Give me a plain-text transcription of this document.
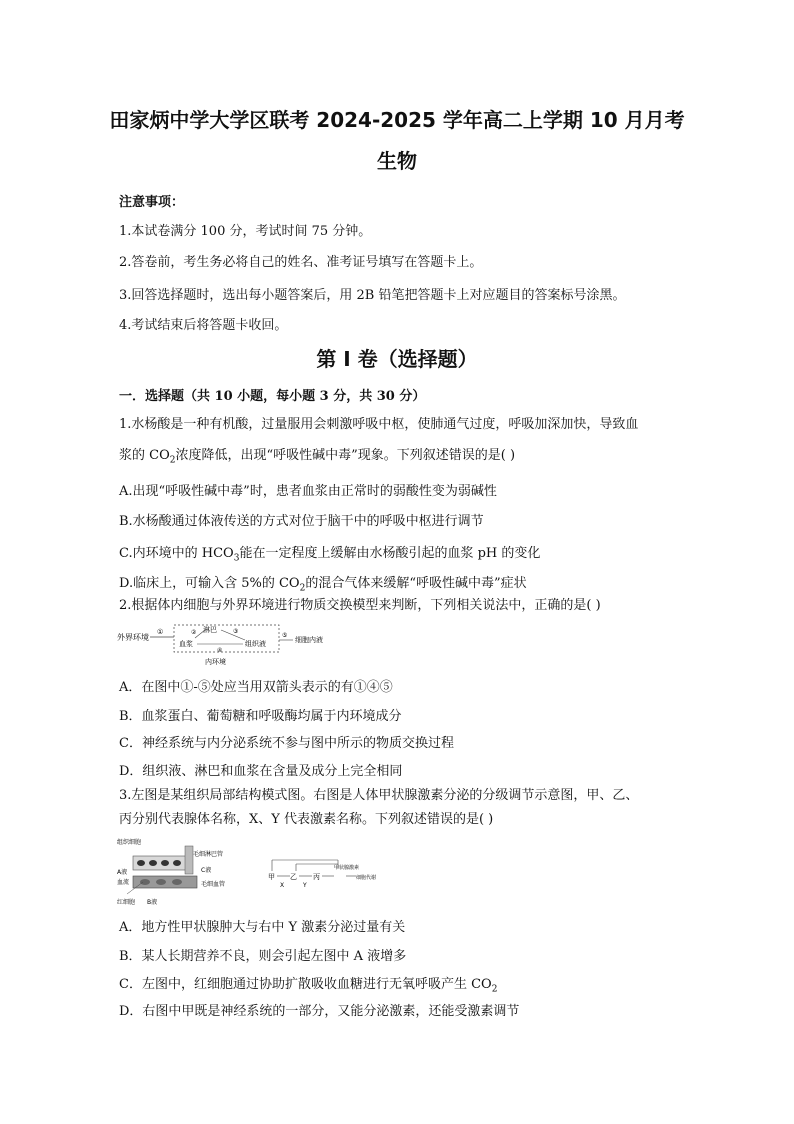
田家炳中学大学区联考 2024-2025 学年高二上学期 10 月月考
生物
注意事项：
1.本试卷满分 100 分，考试时间 75 分钟。
2.答卷前，考生务必将自己的姓名、准考证号填写在答题卡上。
3.回答选择题时，选出每小题答案后，用 2B 铅笔把答题卡上对应题目的答案标号涂黑。
4.考试结束后将答题卡收回。
第 I 卷（选择题）
一．选择题（共 10 小题，每小题 3 分，共 30 分）
1.水杨酸是一种有机酸，过量服用会刺激呼吸中枢，使肺通气过度，呼吸加深加快，导致血
浆的 $CO_2$浓度降低，出现“呼吸性碱中毒”现象。下列叙述错误的是( )
A.出现“呼吸性碱中毒”时，患者血浆由正常时的弱酸性变为弱碱性
B.水杨酸通过体液传送的方式对位于脑干中的呼吸中枢进行调节
C.内环境中的 $HCO_3$能在一定程度上缓解由水杨酸引起的血浆 pH 的变化
D.临床上，可输入含 5%的 $CO_2$的混合气体来缓解“呼吸性碱中毒”症状
2.根据体内细胞与外界环境进行物质交换模型来判断，下列相关说法中，正确的是( )
外界环境
①	淋巴
血浆	组织液
②	③
④
⑤
细胞内液
内环境
A．在图中①-⑤处应当用双箭头表示的有①④⑤
B．血浆蛋白、葡萄糖和呼吸酶均属于内环境成分
C．神经系统与内分泌系统不参与图中所示的物质交换过程
D．组织液、淋巴和血浆在含量及成分上完全相同
3.左图是某组织局部结构模式图。右图是人体甲状腺激素分泌的分级调节示意图，甲、乙、
丙分别代表腺体名称，X、Y 代表激素名称。下列叙述错误的是( )
组织细胞
毛细淋巴管
A液
血流
C液
毛细血管
红细胞 B液
甲
X
乙
Y
丙
甲状腺激素
细胞代谢
A．地方性甲状腺肿大与右中 Y 激素分泌过量有关
B．某人长期营养不良，则会引起左图中 A 液增多
C．左图中，红细胞通过协助扩散吸收血糖进行无氧呼吸产生 $CO_2$
D．右图中甲既是神经系统的一部分，又能分泌激素，还能受激素调节
